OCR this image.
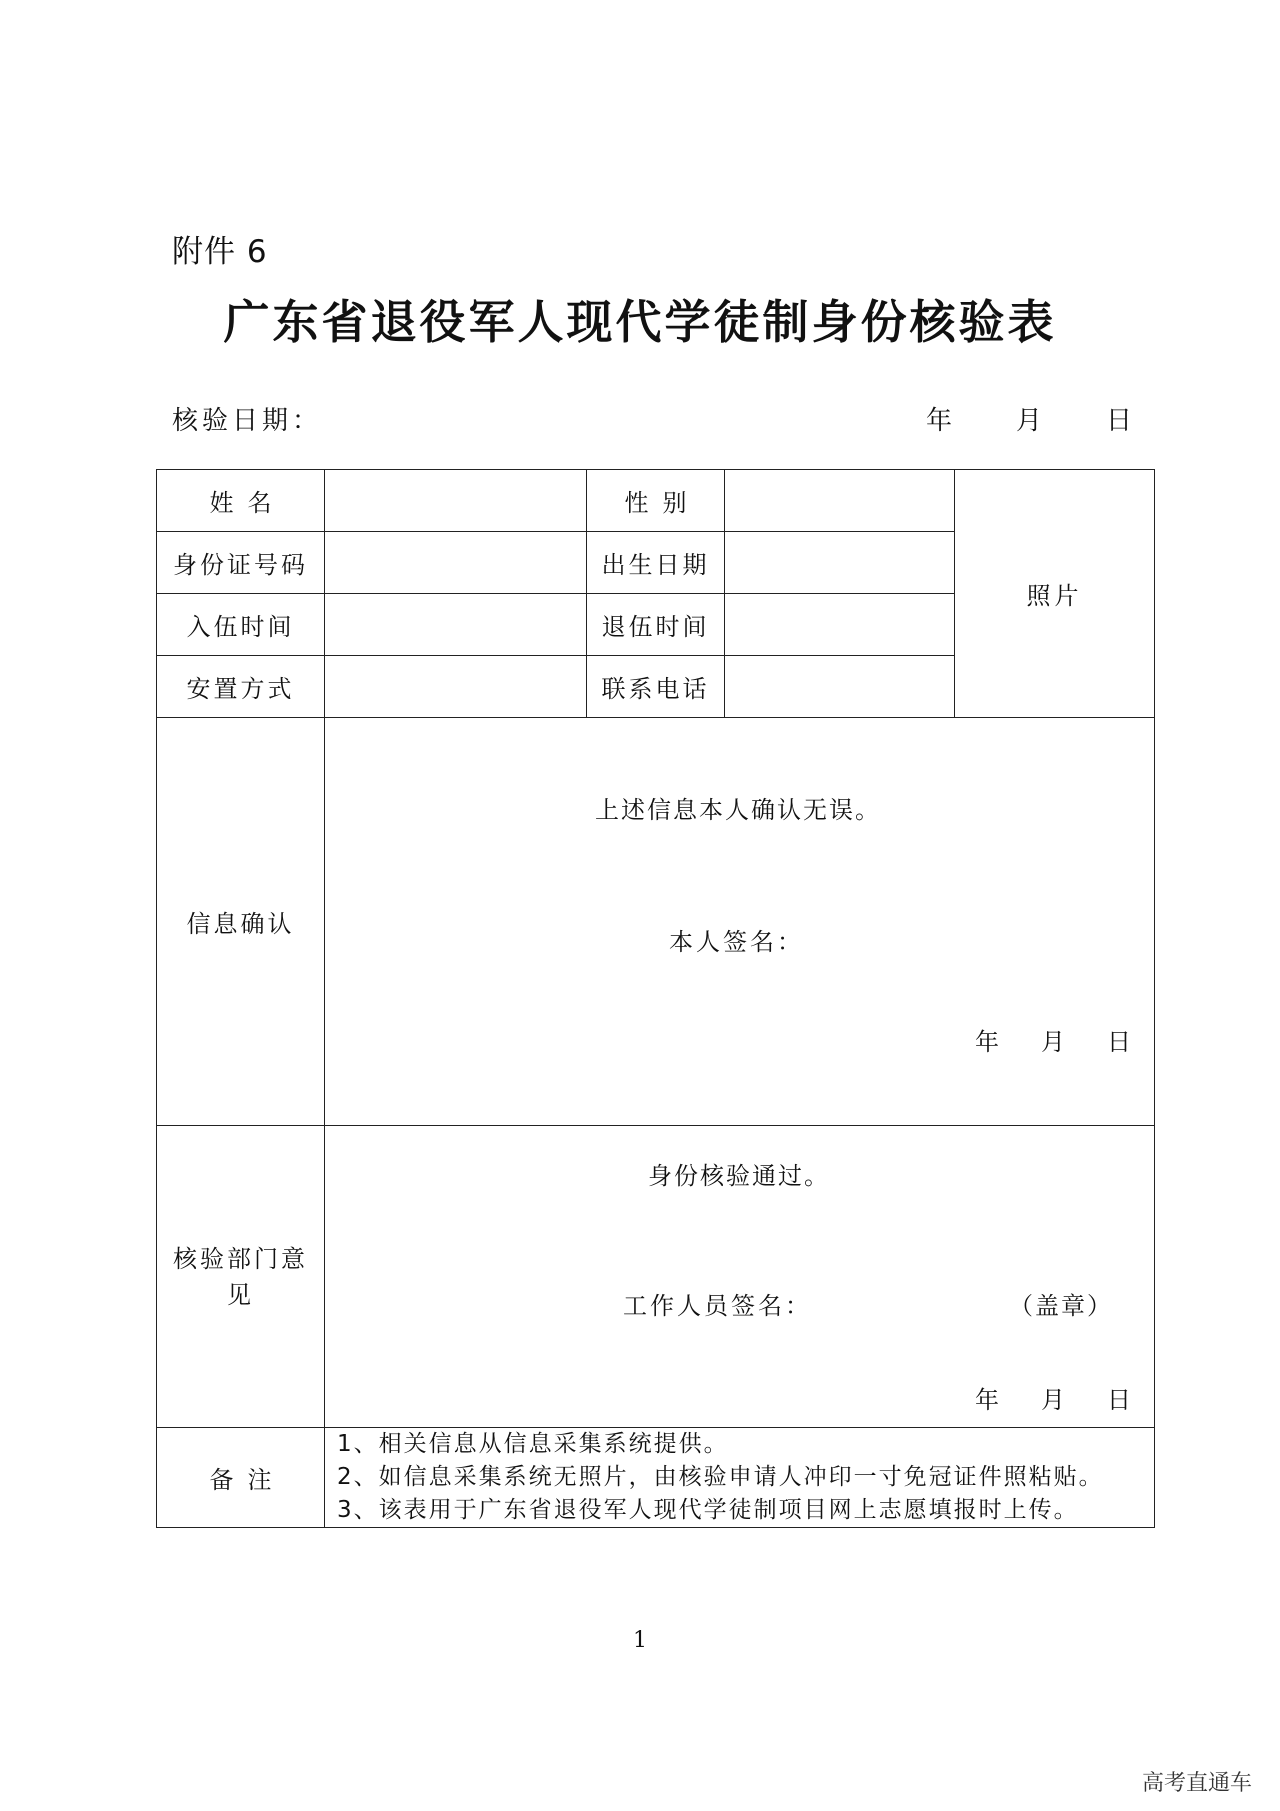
附件 6
广东省退役军人现代学徒制身份核验表
核验日期：	年 月 日
姓名		性别		照片
身份证号码		出生日期		
入伍时间		退伍时间		
安置方式		联系电话		
信息确认	上述信息本人确认无误。
本人签名：
年 月 日			

核验部门意见	身份核验通过。
工作人员签名： （盖章）
年 月 日			

备注	1、相关信息从信息采集系统提供。
2、如信息采集系统无照片，由核验申请人冲印一寸免冠证件照粘贴。
3、该表用于广东省退役军人现代学徒制项目网上志愿填报时上传。			
1
高考直通车
